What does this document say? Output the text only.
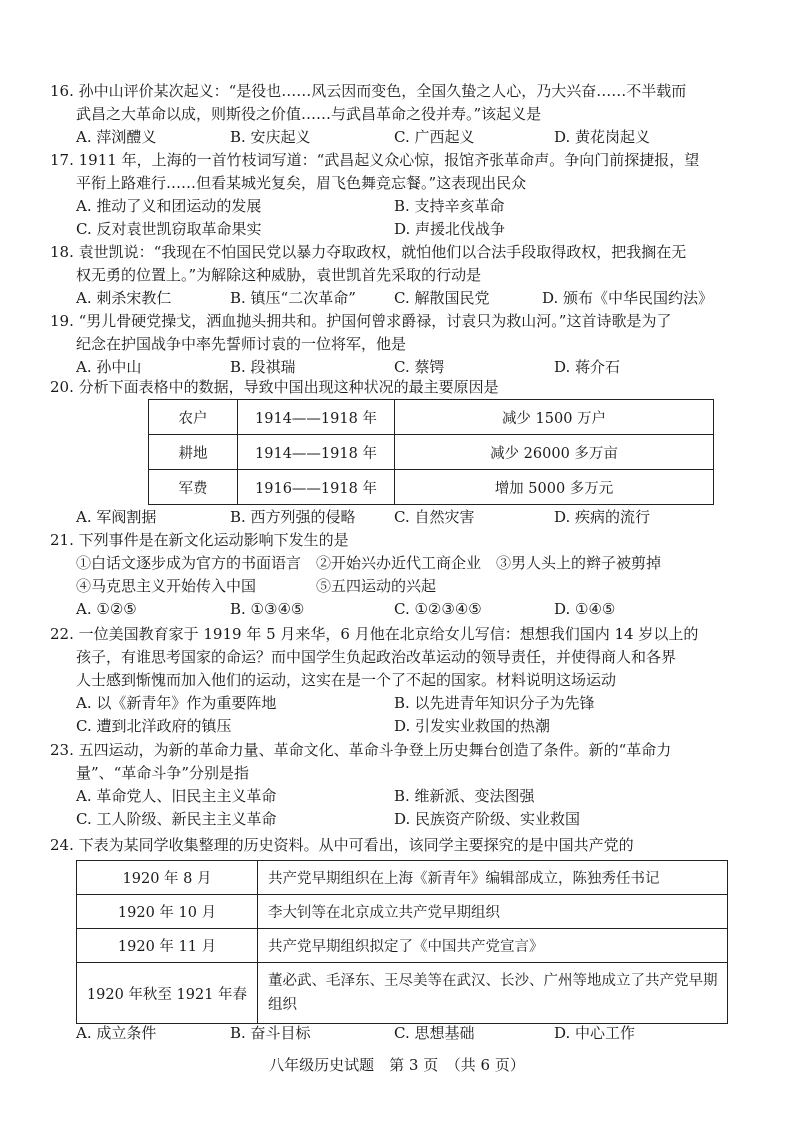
16. 孙中山评价某次起义：“是役也……风云因而变色，全国久蛰之人心，乃大兴奋……不半载而
武昌之大革命以成，则斯役之价值……与武昌革命之役并寿。”该起义是
A. 萍浏醴义	B. 安庆起义	C. 广西起义	D. 黄花岗起义
17. 1911 年，上海的一首竹枝词写道：“武昌起义众心惊，报馆齐张革命声。争向门前探捷报，望
平衔上路难行……但看某城光复矣，眉飞色舞竞忘餐。”这表现出民众
A. 推动了义和团运动的发展	B. 支持辛亥革命
C. 反对袁世凯窃取革命果实	D. 声援北伐战争
18. 袁世凯说：“我现在不怕国民党以暴力夺取政权，就怕他们以合法手段取得政权，把我搁在无
权无勇的位置上。”为解除这种威胁，袁世凯首先采取的行动是
A. 刺杀宋教仁	B. 镇压“二次革命”	C. 解散国民党	D. 颁布《中华民国约法》
19. “男儿骨硬党操戈，洒血抛头拥共和。护国何曾求爵禄，讨袁只为救山河。”这首诗歌是为了
纪念在护国战争中率先誓师讨袁的一位将军，他是
A. 孙中山	B. 段祺瑞	C. 蔡锷	D. 蒋介石
20. 分析下面表格中的数据，导致中国出现这种状况的最主要原因是
农户	1914——1918 年	减少 1500 万户
耕地	1914——1918 年	减少 26000 多万亩
军费	1916——1918 年	增加 5000 多万元
A. 军阀割据	B. 西方列强的侵略	C. 自然灾害	D. 疾病的流行
21. 下列事件是在新文化运动影响下发生的是
①白话文逐步成为官方的书面语言　②开始兴办近代工商企业　③男人头上的辫子被剪掉
④马克思主义开始传入中国　　　　⑤五四运动的兴起
A. ①②⑤	B. ①③④⑤	C. ①②③④⑤	D. ①④⑤
22. 一位美国教育家于 1919 年 5 月来华，6 月他在北京给女儿写信：想想我们国内 14 岁以上的
孩子，有谁思考国家的命运？而中国学生负起政治改革运动的领导责任，并使得商人和各界
人士感到惭愧而加入他们的运动，这实在是一个了不起的国家。材料说明这场运动
A. 以《新青年》作为重要阵地	B. 以先进青年知识分子为先锋
C. 遭到北洋政府的镇压	D. 引发实业救国的热潮
23. 五四运动，为新的革命力量、革命文化、革命斗争登上历史舞台创造了条件。新的“革命力
量”、“革命斗争”分别是指
A. 革命党人、旧民主主义革命	B. 维新派、变法图强
C. 工人阶级、新民主主义革命	D. 民族资产阶级、实业救国
24. 下表为某同学收集整理的历史资料。从中可看出，该同学主要探究的是中国共产党的
1920 年 8 月	共产党早期组织在上海《新青年》编辑部成立，陈独秀任书记
1920 年 10 月	李大钊等在北京成立共产党早期组织
1920 年 11 月	共产党早期组织拟定了《中国共产党宣言》
1920 年秋至 1921 年春	董必武、毛泽东、王尽美等在武汉、长沙、广州等地成立了共产党早期组织
A. 成立条件	B. 奋斗目标	C. 思想基础	D. 中心工作
八年级历史试题　第 3 页　（共 6 页）
